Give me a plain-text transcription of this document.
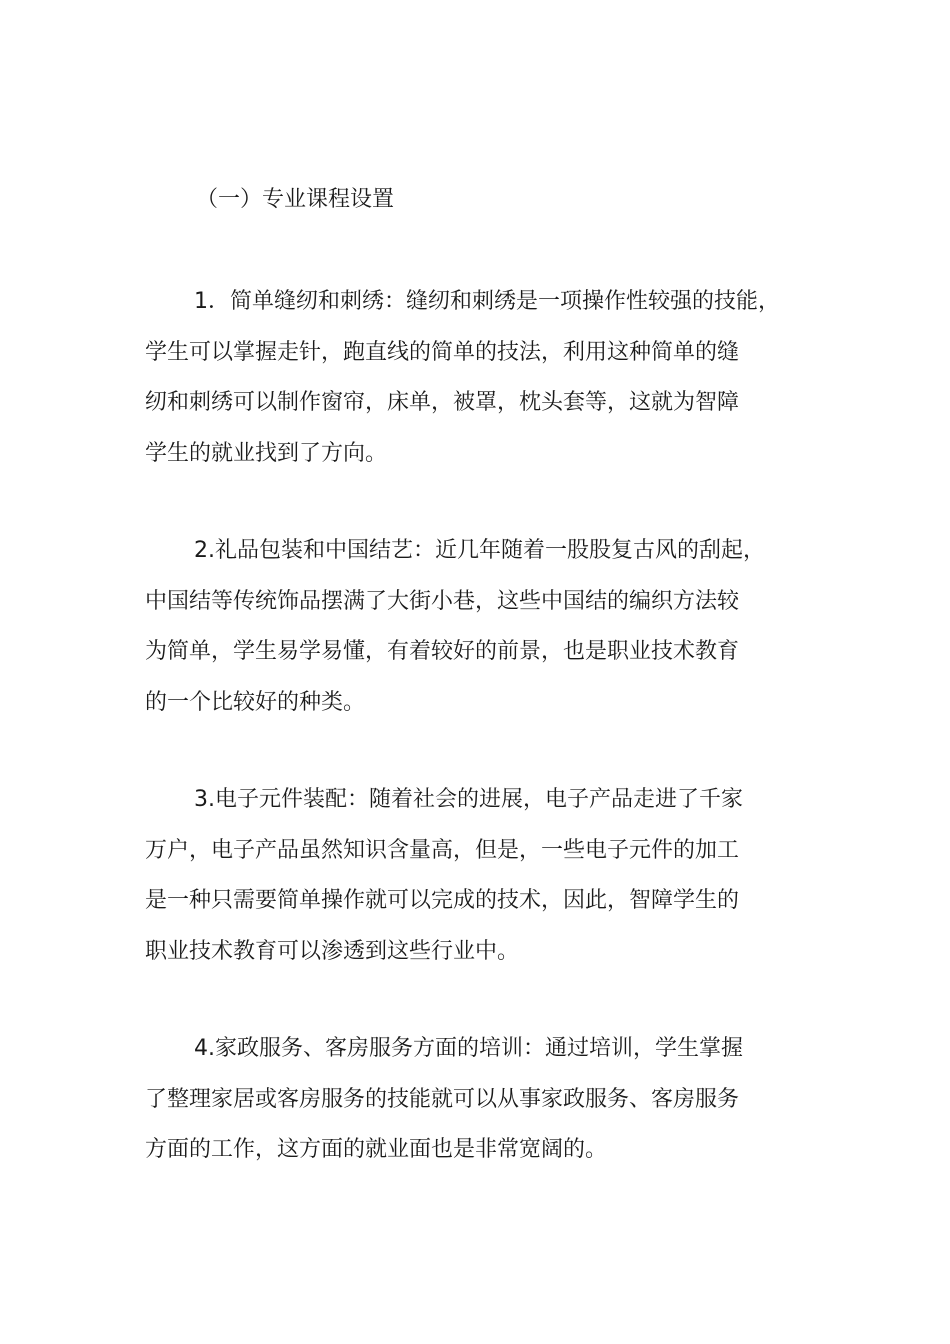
（一）专业课程设置
1．简单缝纫和刺绣：缝纫和刺绣是一项操作性较强的技能，
学生可以掌握走针，跑直线的简单的技法，利用这种简单的缝
纫和刺绣可以制作窗帘，床单，被罩，枕头套等，这就为智障
学生的就业找到了方向。
2.礼品包装和中国结艺：近几年随着一股股复古风的刮起，
中国结等传统饰品摆满了大街小巷，这些中国结的编织方法较
为简单，学生易学易懂，有着较好的前景，也是职业技术教育
的一个比较好的种类。
3.电子元件装配：随着社会的进展，电子产品走进了千家
万户，电子产品虽然知识含量高，但是，一些电子元件的加工
是一种只需要简单操作就可以完成的技术，因此，智障学生的
职业技术教育可以渗透到这些行业中。
4.家政服务、客房服务方面的培训：通过培训，学生掌握
了整理家居或客房服务的技能就可以从事家政服务、客房服务
方面的工作，这方面的就业面也是非常宽阔的。
